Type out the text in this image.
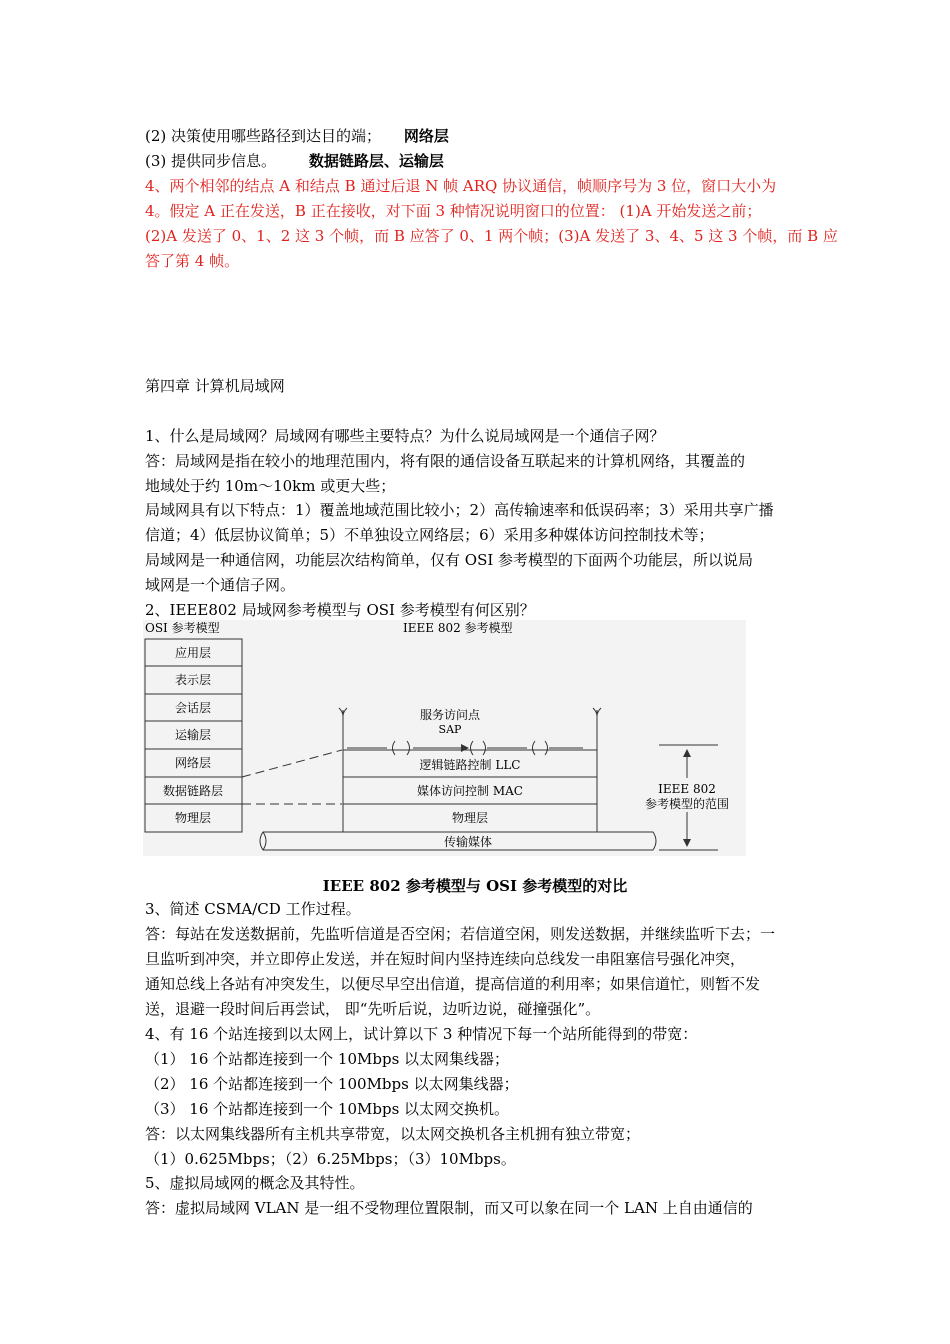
(2) 决策使用哪些路径到达目的端； 网络层
(3) 提供同步信息。 数据链路层、运输层
4、两个相邻的结点 A 和结点 B 通过后退 N 帧 ARQ 协议通信，帧顺序号为 3 位，窗口大小为
4。假定 A 正在发送，B 正在接收，对下面 3 种情况说明窗口的位置： (1)A 开始发送之前；
(2)A 发送了 0、1、2 这 3 个帧，而 B 应答了 0、1 两个帧；(3)A 发送了 3、4、5 这 3 个帧，而 B 应
答了第 4 帧。
第四章 计算机局域网
1、什么是局域网？局域网有哪些主要特点？为什么说局域网是一个通信子网？
答：局域网是指在较小的地理范围内，将有限的通信设备互联起来的计算机网络，其覆盖的
地域处于约 10m～10km 或更大些；
局域网具有以下特点：1）覆盖地域范围比较小；2）高传输速率和低误码率；3）采用共享广播
信道；4）低层协议简单；5）不单独设立网络层；6）采用多种媒体访问控制技术等；
局域网是一种通信网，功能层次结构简单，仅有 OSI 参考模型的下面两个功能层，所以说局
域网是一个通信子网。
2、IEEE802 局域网参考模型与 OSI 参考模型有何区别？
OSI 参考模型	IEEE 802 参考模型
应用层
表示层
会话层
运输层
网络层
数据链路层
物理层
服务访问点
SAP
逻辑链路控制 LLC
媒体访问控制 MAC
物理层
传输媒体
IEEE 802
参考模型的范围
IEEE 802 参考模型与 OSI 参考模型的对比
3、简述 CSMA/CD 工作过程。
答：每站在发送数据前，先监听信道是否空闲；若信道空闲，则发送数据，并继续监听下去；一
旦监听到冲突，并立即停止发送，并在短时间内坚持连续向总线发一串阻塞信号强化冲突，
通知总线上各站有冲突发生，以便尽早空出信道，提高信道的利用率；如果信道忙，则暂不发
送，退避一段时间后再尝试， 即“先听后说，边听边说，碰撞强化”。
4、有 16 个站连接到以太网上，试计算以下 3 种情况下每一个站所能得到的带宽：
（1） 16 个站都连接到一个 10Mbps 以太网集线器；
（2） 16 个站都连接到一个 100Mbps 以太网集线器；
（3） 16 个站都连接到一个 10Mbps 以太网交换机。
答：以太网集线器所有主机共享带宽，以太网交换机各主机拥有独立带宽；
（1）0.625Mbps；（2）6.25Mbps；（3）10Mbps。
5、虚拟局域网的概念及其特性。
答：虚拟局域网 VLAN 是一组不受物理位置限制，而又可以象在同一个 LAN 上自由通信的
